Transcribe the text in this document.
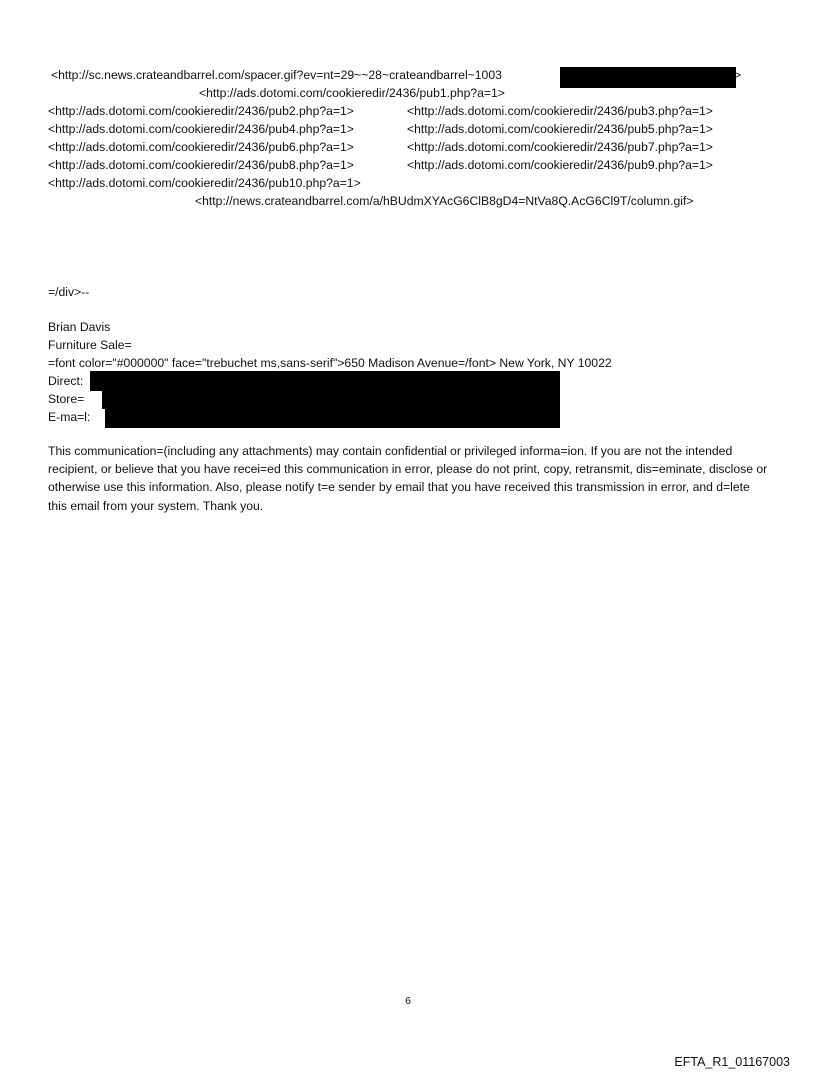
<http://sc.news.crateandbarrel.com/spacer.gif?ev=nt=29~~28~crateandbarrel~1003	>
<http://ads.dotomi.com/cookieredir/2436/pub1.php?a=1>
<http://ads.dotomi.com/cookieredir/2436/pub2.php?a=1>	<http://ads.dotomi.com/cookieredir/2436/pub3.php?a=1>
<http://ads.dotomi.com/cookieredir/2436/pub4.php?a=1>	<http://ads.dotomi.com/cookieredir/2436/pub5.php?a=1>
<http://ads.dotomi.com/cookieredir/2436/pub6.php?a=1>	<http://ads.dotomi.com/cookieredir/2436/pub7.php?a=1>
<http://ads.dotomi.com/cookieredir/2436/pub8.php?a=1>	<http://ads.dotomi.com/cookieredir/2436/pub9.php?a=1>
<http://ads.dotomi.com/cookieredir/2436/pub10.php?a=1>
<http://news.crateandbarrel.com/a/hBUdmXYAcG6ClB8gD4=NtVa8Q.AcG6Cl9T/column.gif>
=/div>--
Brian Davis
Furniture Sale=
=font color="#000000" face="trebuchet ms,sans-serif">650 Madison Avenue=/font> New York, NY 10022
Direct:
Store=
E-ma=l:
This communication=(including any attachments) may contain confidential or privileged informa=ion. If you are not the intended recipient, or believe that you have recei=ed this communication in error, please do not print, copy, retransmit, dis=eminate, disclose or otherwise use this information. Also, please notify t=e sender by email that you have received this transmission in error, and d=lete this email from your system. Thank you.
6
EFTA_R1_01167003
